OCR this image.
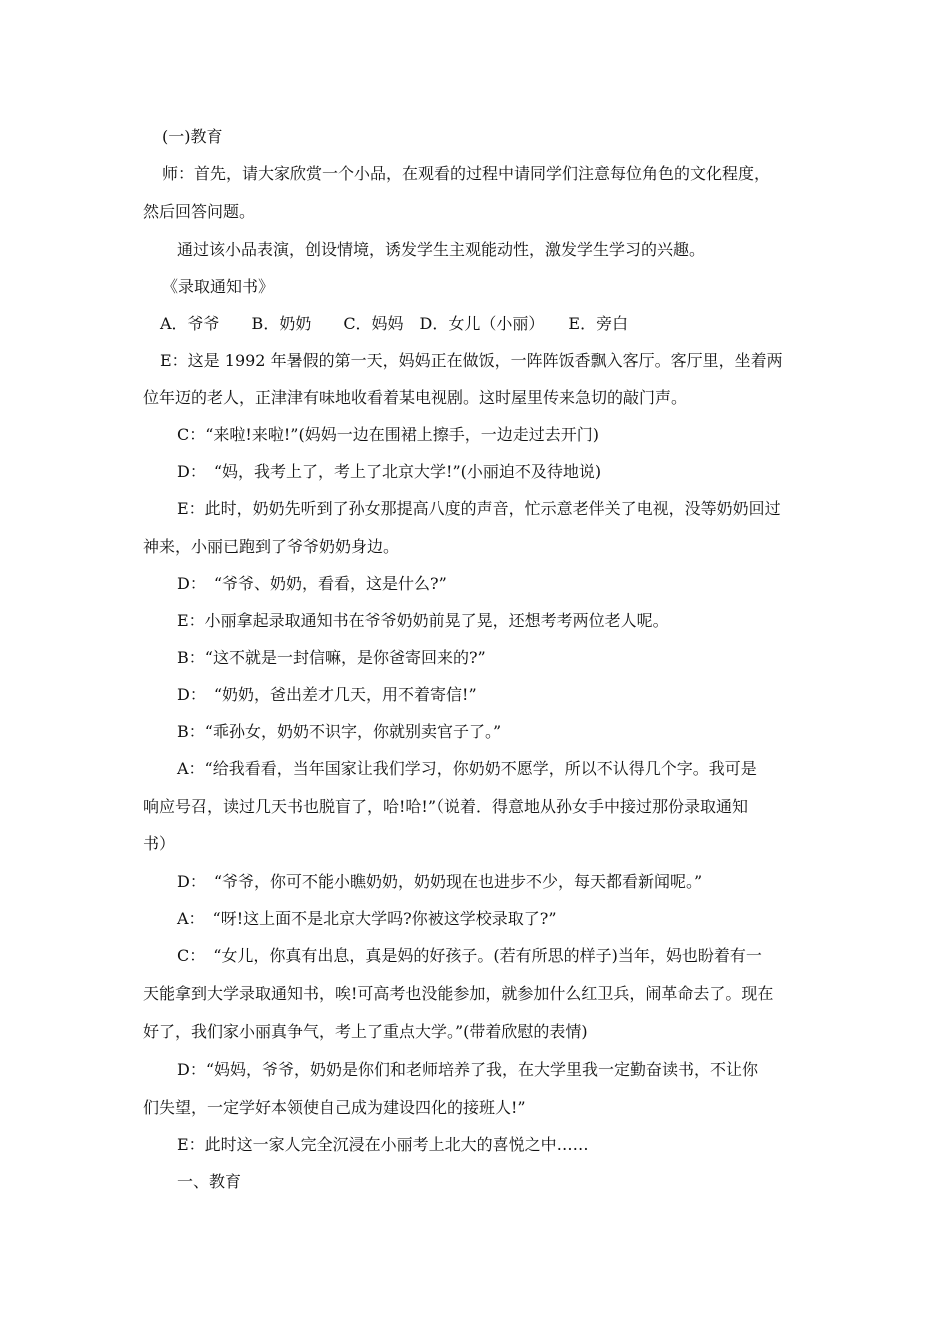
(一)教育
师：首先，请大家欣赏一个小品，在观看的过程中请同学们注意每位角色的文化程度，
然后回答问题。
通过该小品表演，创设情境，诱发学生主观能动性，激发学生学习的兴趣。
《录取通知书》
A．爷爷　　B．奶奶　　C．妈妈　D．女儿（小丽）　　E．旁白
E：这是 1992 年暑假的第一天，妈妈正在做饭，一阵阵饭香飘入客厅。客厅里，坐着两
位年迈的老人，正津津有味地收看着某电视剧。这时屋里传来急切的敲门声。
C：“来啦!来啦!”(妈妈一边在围裙上擦手，一边走过去开门)
D：　“妈，我考上了，考上了北京大学!”(小丽迫不及待地说)
E：此时，奶奶先听到了孙女那提高八度的声音，忙示意老伴关了电视，没等奶奶回过
神来，小丽已跑到了爷爷奶奶身边。
D：　“爷爷、奶奶，看看，这是什么?”
E：小丽拿起录取通知书在爷爷奶奶前晃了晃，还想考考两位老人呢。
B：“这不就是一封信嘛，是你爸寄回来的?”
D：　“奶奶，爸出差才几天，用不着寄信!”
B：“乖孙女，奶奶不识字，你就别卖官子了。”
A：“给我看看，当年国家让我们学习，你奶奶不愿学，所以不认得几个字。我可是
响应号召，读过几天书也脱盲了，哈!哈!”（说着．得意地从孙女手中接过那份录取通知
书）
D：　“爷爷，你可不能小瞧奶奶，奶奶现在也进步不少，每天都看新闻呢。”
A：　“呀!这上面不是北京大学吗?你被这学校录取了?”
C：　“女儿，你真有出息，真是妈的好孩子。(若有所思的样子)当年，妈也盼着有一
天能拿到大学录取通知书，唉!可高考也没能参加，就参加什么红卫兵，闹革命去了。现在
好了，我们家小丽真争气，考上了重点大学。”(带着欣慰的表情)
D：“妈妈，爷爷，奶奶是你们和老师培养了我，在大学里我一定勤奋读书，不让你
们失望，一定学好本领使自己成为建设四化的接班人!”
E：此时这一家人完全沉浸在小丽考上北大的喜悦之中……
一、教育
